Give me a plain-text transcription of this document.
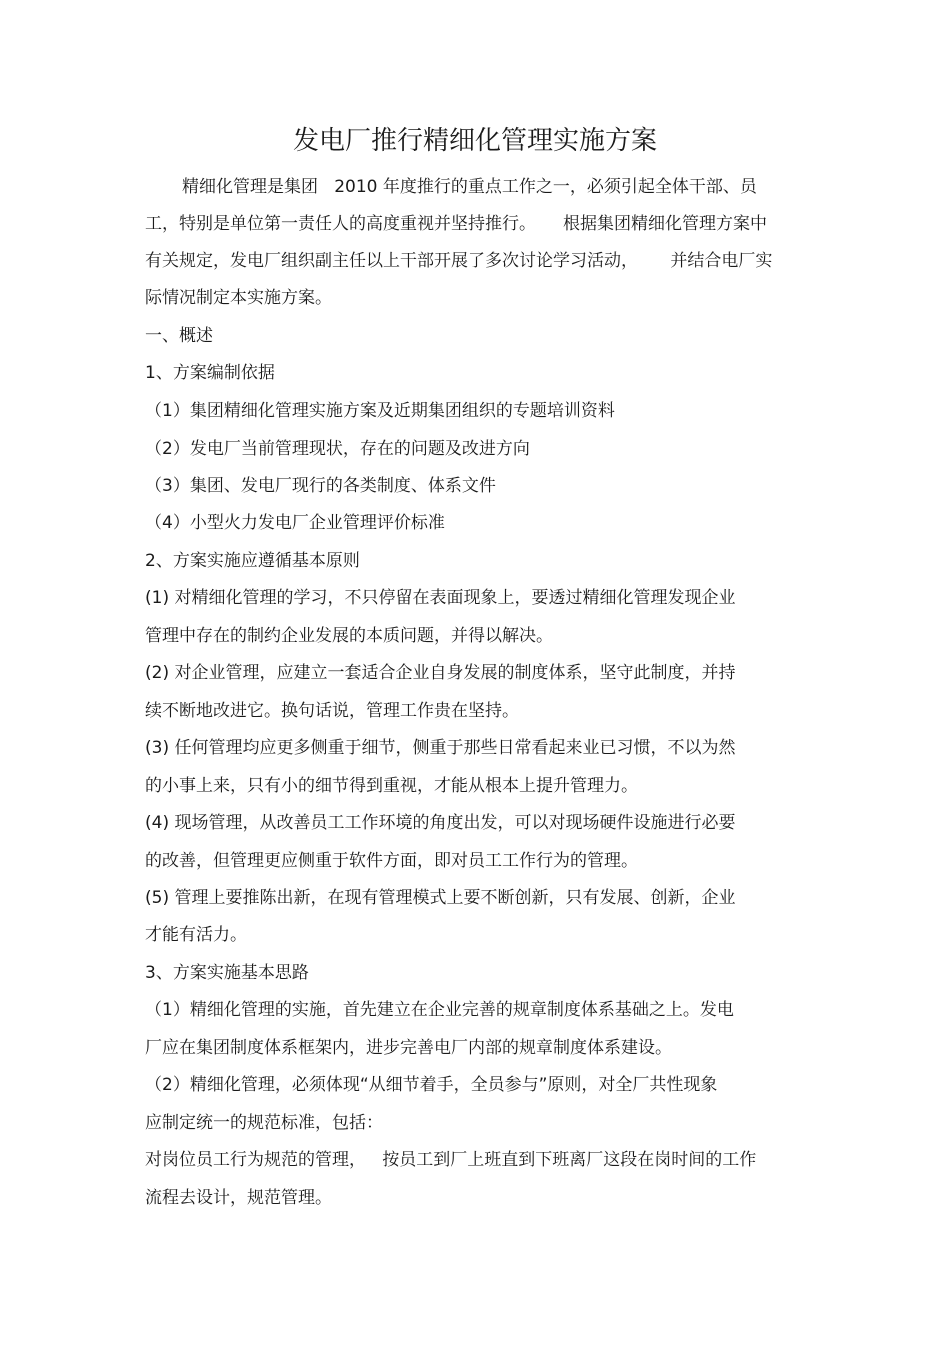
发电厂推行精细化管理实施方案
精细化管理是集团   2010 年度推行的重点工作之一，必须引起全体干部、员
工，特别是单位第一责任人的高度重视并坚持推行。     根据集团精细化管理方案中
有关规定，发电厂组织副主任以上干部开展了多次讨论学习活动，      并结合电厂实
际情况制定本实施方案。
一、概述
1、方案编制依据
（1）集团精细化管理实施方案及近期集团组织的专题培训资料
（2）发电厂当前管理现状，存在的问题及改进方向
（3）集团、发电厂现行的各类制度、体系文件
（4）小型火力发电厂企业管理评价标准
2、方案实施应遵循基本原则
(1) 对精细化管理的学习，不只停留在表面现象上，要透过精细化管理发现企业
管理中存在的制约企业发展的本质问题，并得以解决。
(2) 对企业管理，应建立一套适合企业自身发展的制度体系，坚守此制度，并持
续不断地改进它。换句话说，管理工作贵在坚持。
(3) 任何管理均应更多侧重于细节，侧重于那些日常看起来业已习惯，不以为然
的小事上来，只有小的细节得到重视，才能从根本上提升管理力。
(4) 现场管理，从改善员工工作环境的角度出发，可以对现场硬件设施进行必要
的改善，但管理更应侧重于软件方面，即对员工工作行为的管理。
(5) 管理上要推陈出新，在现有管理模式上要不断创新，只有发展、创新，企业
才能有活力。
3、方案实施基本思路
（1）精细化管理的实施，首先建立在企业完善的规章制度体系基础之上。发电
厂应在集团制度体系框架内，进步完善电厂内部的规章制度体系建设。
（2）精细化管理，必须体现“从细节着手，全员参与”原则，对全厂共性现象
应制定统一的规范标准，包括：
对岗位员工行为规范的管理，   按员工到厂上班直到下班离厂这段在岗时间的工作
流程去设计，规范管理。
